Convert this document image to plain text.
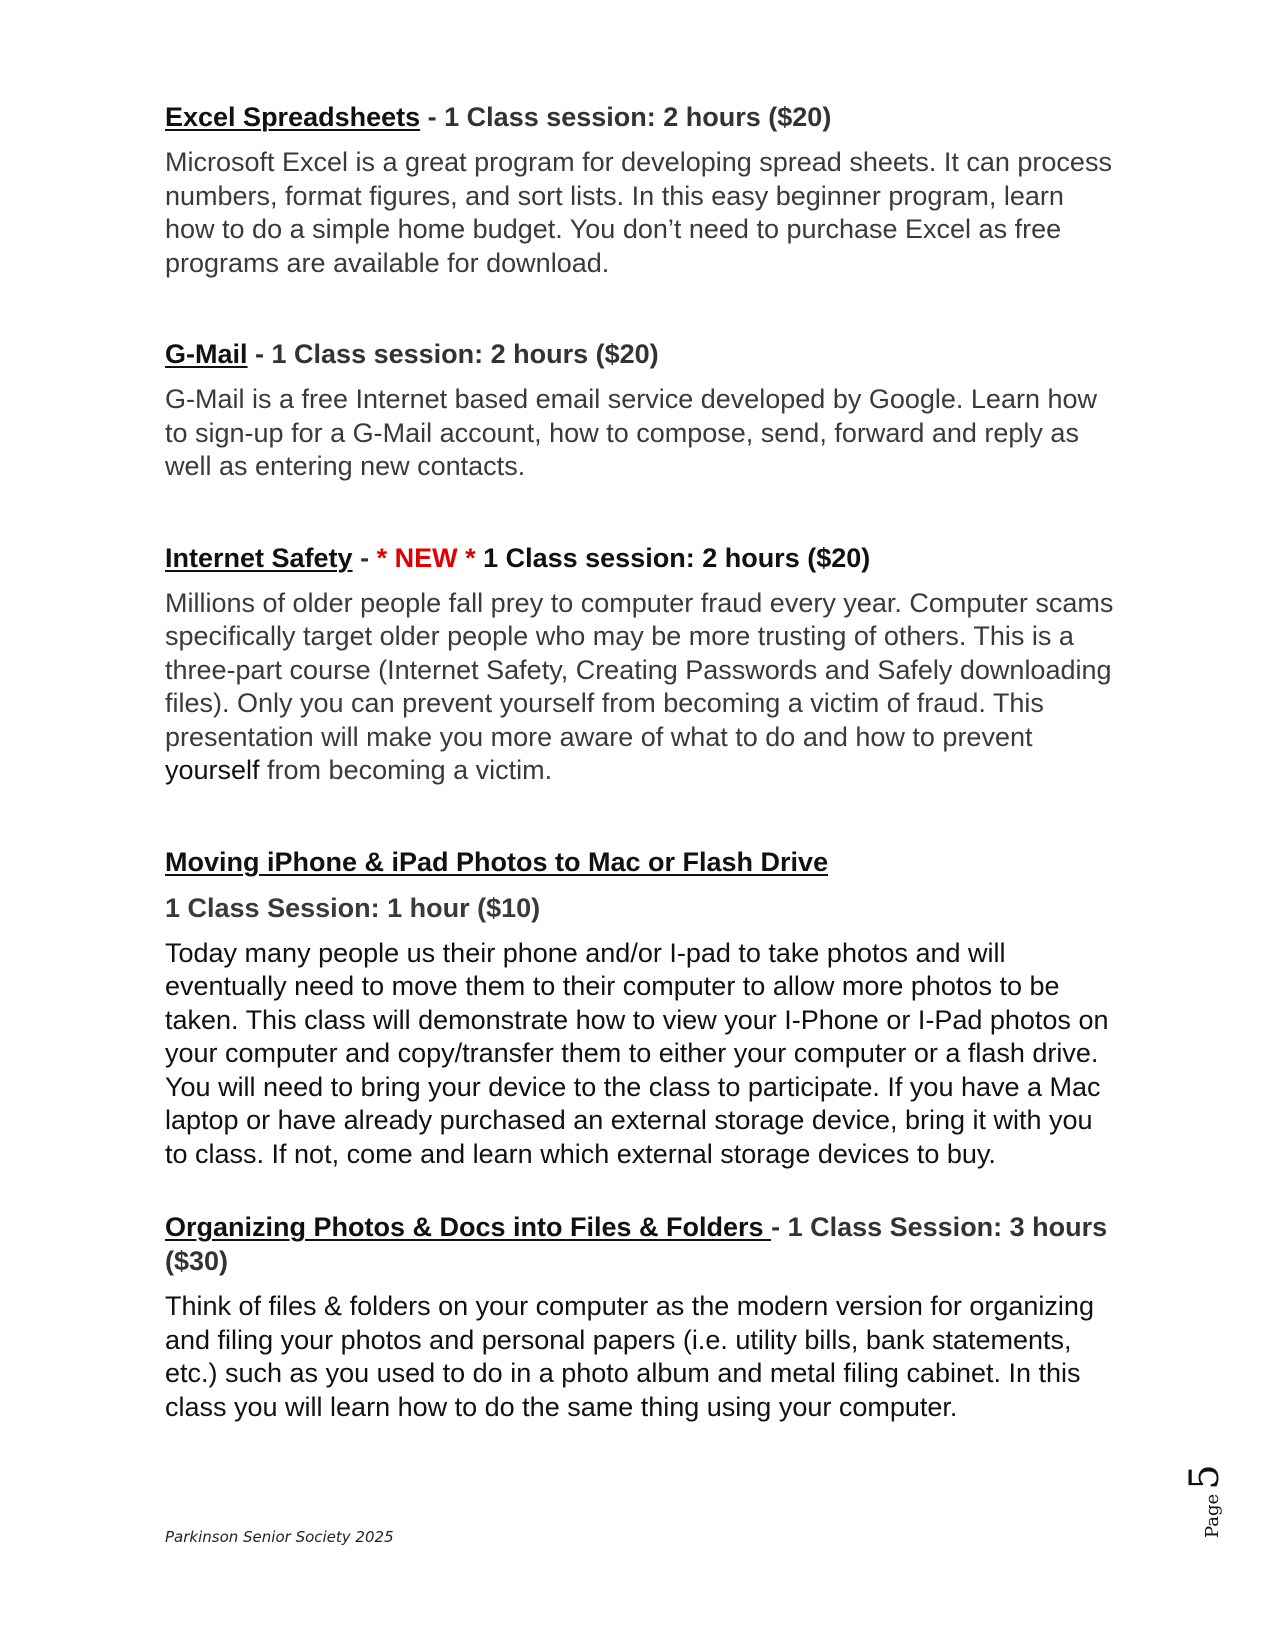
Excel Spreadsheets - 1 Class session: 2 hours ($20)

Microsoft Excel is a great program for developing spread sheets. It can process numbers, format figures, and sort lists. In this easy beginner program, learn how to do a simple home budget. You don’t need to purchase Excel as free programs are available for download.

G-Mail - 1 Class session: 2 hours ($20)

G-Mail is a free Internet based email service developed by Google. Learn how to sign-up for a G-Mail account, how to compose, send, forward and reply as well as entering new contacts.

Internet Safety - * NEW * 1 Class session: 2 hours ($20)

Millions of older people fall prey to computer fraud every year. Computer scams specifically target older people who may be more trusting of others. This is a three-part course (Internet Safety, Creating Passwords and Safely downloading files). Only you can prevent yourself from becoming a victim of fraud. This presentation will make you more aware of what to do and how to prevent yourself from becoming a victim.

Moving iPhone & iPad Photos to Mac or Flash Drive

1 Class Session: 1 hour ($10)

Today many people us their phone and/or I-pad to take photos and will eventually need to move them to their computer to allow more photos to be taken. This class will demonstrate how to view your I-Phone or I-Pad photos on your computer and copy/transfer them to either your computer or a flash drive. You will need to bring your device to the class to participate. If you have a Mac laptop or have already purchased an external storage device, bring it with you to class. If not, come and learn which external storage devices to buy.

Organizing Photos & Docs into Files & Folders - 1 Class Session: 3 hours ($30)

Think of files & folders on your computer as the modern version for organizing and filing your photos and personal papers (i.e. utility bills, bank statements, etc.) such as you used to do in a photo album and metal filing cabinet. In this class you will learn how to do the same thing using your computer.

Parkinson Senior Society 2025	Page5
